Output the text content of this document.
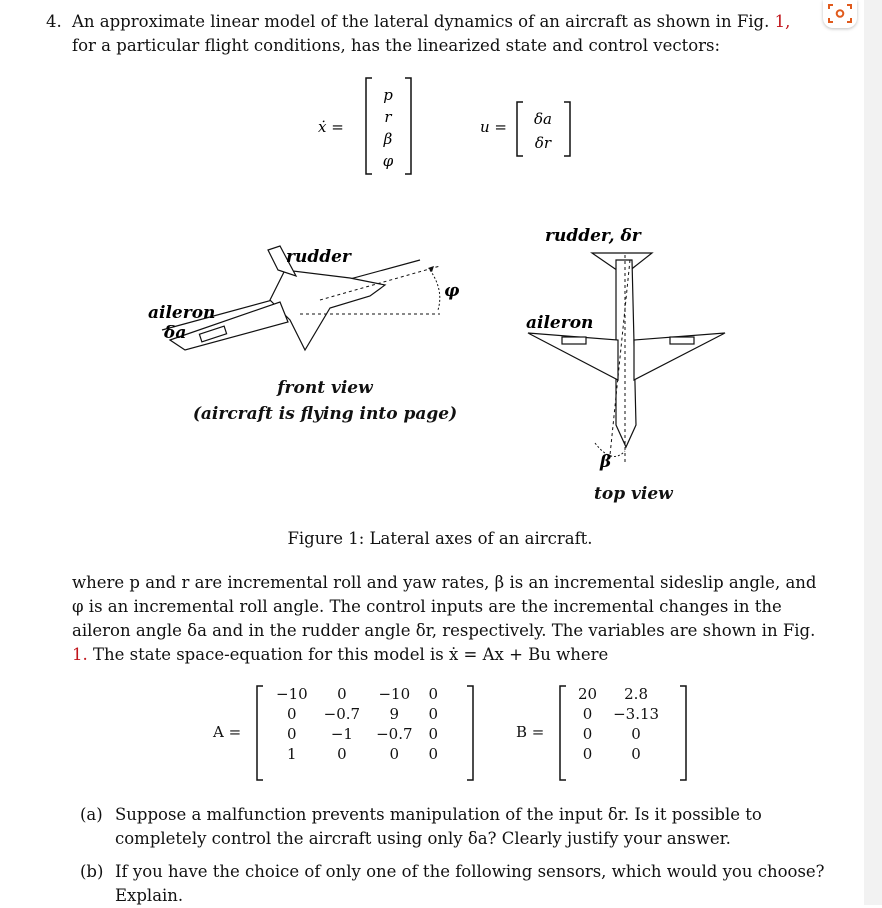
4. An approximate linear model of the lateral dynamics of an aircraft as shown in Fig. 1,
for a particular flight conditions, has the linearized state and control vectors:
ẋ =
p
r
β
φ
u = δa
δr
rudder
aileron
δa
φ
front view
(aircraft is flying into page)
rudder, δr
aileron
β
top view
Figure 1: Lateral axes of an aircraft.
where p and r are incremental roll and yaw rates, β is an incremental sideslip angle, and
φ is an incremental roll angle. The control inputs are the incremental changes in the
aileron angle δa and in the rudder angle δr, respectively. The variables are shown in Fig.
1. The state space-equation for this model is ẋ = Ax + Bu where
A =
−10	0	−10	0
0	−0.7	9	0
0	−1	−0.7	0
1	0	0	0
B =
20	2.8
0	−3.13
0	0
0	0
(a) Suppose a malfunction prevents manipulation of the input δr. Is it possible to
completely control the aircraft using only δa? Clearly justify your answer.
(b) If you have the choice of only one of the following sensors, which would you choose?
Explain.
